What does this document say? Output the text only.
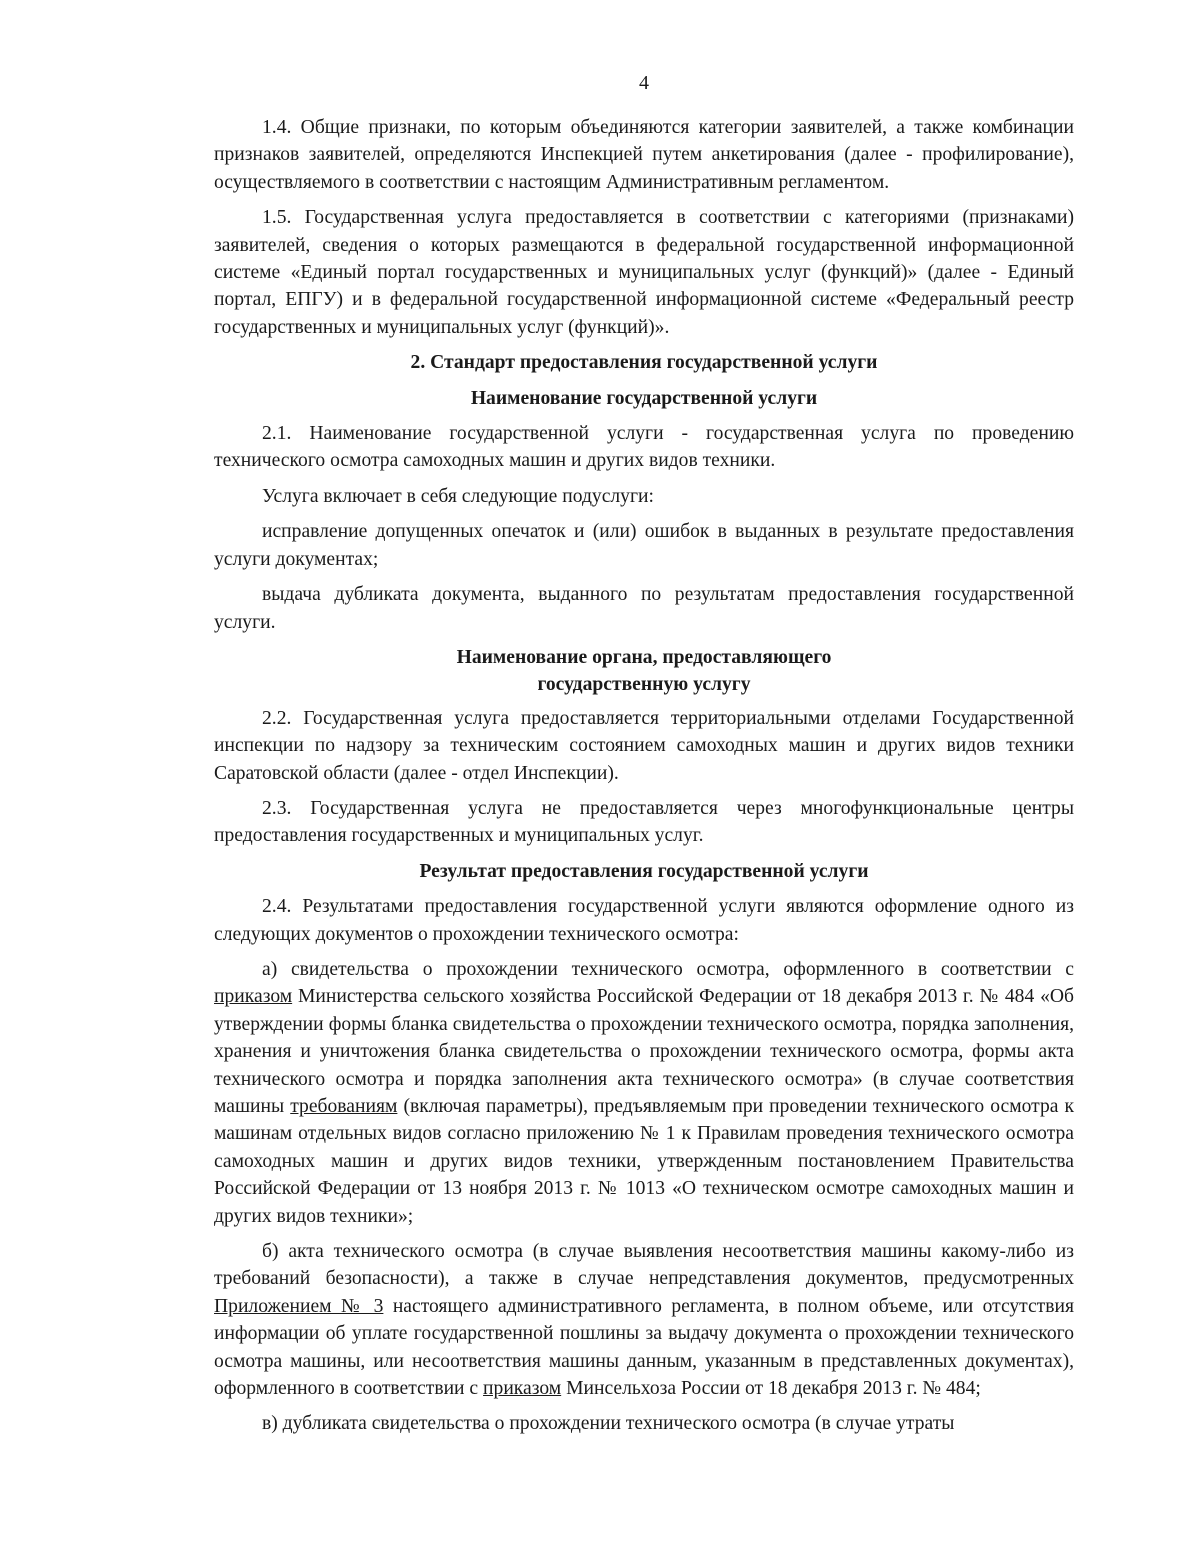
4

1.4. Общие признаки, по которым объединяются категории заявителей, а также комбинации признаков заявителей, определяются Инспекцией путем анкетирования (далее - профилирование), осуществляемого в соответствии с настоящим Административным регламентом.

1.5. Государственная услуга предоставляется в соответствии с категориями (признаками) заявителей, сведения о которых размещаются в федеральной государственной информационной системе «Единый портал государственных и муниципальных услуг (функций)» (далее - Единый портал, ЕПГУ) и в федеральной государственной информационной системе «Федеральный реестр государственных и муниципальных услуг (функций)».

2. Стандарт предоставления государственной услуги
Наименование государственной услуги

2.1. Наименование государственной услуги - государственная услуга по проведению технического осмотра самоходных машин и других видов техники.

Услуга включает в себя следующие подуслуги:

исправление допущенных опечаток и (или) ошибок в выданных в результате предоставления услуги документах;

выдача дубликата документа, выданного по результатам предоставления государственной услуги.

Наименование органа, предоставляющего
государственную услугу

2.2. Государственная услуга предоставляется территориальными отделами Государственной инспекции по надзору за техническим состоянием самоходных машин и других видов техники Саратовской области (далее - отдел Инспекции).

2.3. Государственная услуга не предоставляется через многофункциональные центры предоставления государственных и муниципальных услуг.

Результат предоставления государственной услуги

2.4. Результатами предоставления государственной услуги являются оформление одного из следующих документов о прохождении технического осмотра:

а) свидетельства о прохождении технического осмотра, оформленного в соответствии с приказом Министерства сельского хозяйства Российской Федерации от 18 декабря 2013 г. № 484 «Об утверждении формы бланка свидетельства о прохождении технического осмотра, порядка заполнения, хранения и уничтожения бланка свидетельства о прохождении технического осмотра, формы акта технического осмотра и порядка заполнения акта технического осмотра» (в случае соответствия машины требованиям (включая параметры), предъявляемым при проведении технического осмотра к машинам отдельных видов согласно приложению № 1 к Правилам проведения технического осмотра самоходных машин и других видов техники, утвержденным постановлением Правительства Российской Федерации от 13 ноября 2013 г. № 1013 «О техническом осмотре самоходных машин и других видов техники»;

б) акта технического осмотра (в случае выявления несоответствия машины какому-либо из требований безопасности), а также в случае непредставления документов, предусмотренных Приложением № 3 настоящего административного регламента, в полном объеме, или отсутствия информации об уплате государственной пошлины за выдачу документа о прохождении технического осмотра машины, или несоответствия машины данным, указанным в представленных документах), оформленного в соответствии с приказом Минсельхоза России от 18 декабря 2013 г. № 484;

в) дубликата свидетельства о прохождении технического осмотра (в случае утраты
